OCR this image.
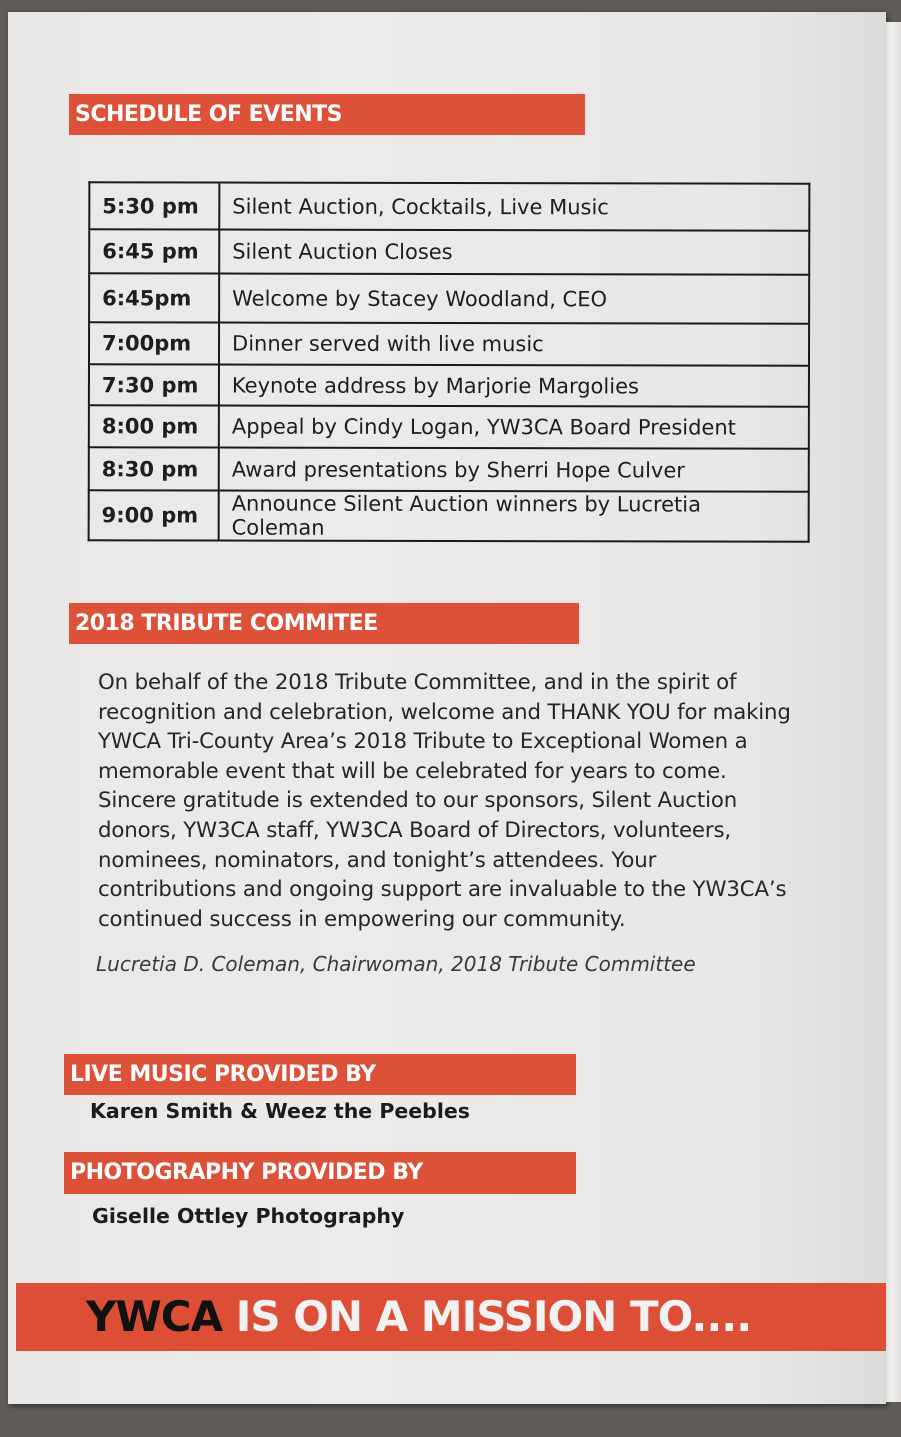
SCHEDULE OF EVENTS
5:30 pm	Silent Auction, Cocktails, Live Music
6:45 pm	Silent Auction Closes
6:45pm	Welcome by Stacey Woodland, CEO
7:00pm	Dinner served with live music
7:30 pm	Keynote address by Marjorie Margolies
8:00 pm	Appeal by Cindy Logan, YW3CA Board President
8:30 pm	Award presentations by Sherri Hope Culver
9:00 pm	Announce Silent Auction winners by Lucretia Coleman
2018 TRIBUTE COMMITEE

On behalf of the 2018 Tribute Committee, and in the spirit of recognition and celebration, welcome and THANK YOU for making YWCA Tri-County Area’s 2018 Tribute to Exceptional Women a memorable event that will be celebrated for years to come. Sincere gratitude is extended to our sponsors, Silent Auction donors, YW3CA staff, YW3CA Board of Directors, volunteers, nominees, nominators, and tonight’s attendees. Your contributions and ongoing support are invaluable to the YW3CA’s continued success in empowering our community.

Lucretia D. Coleman, Chairwoman, 2018 Tribute Committee

LIVE MUSIC PROVIDED BY

Karen Smith & Weez the Peebles

PHOTOGRAPHY PROVIDED BY

Giselle Ottley Photography

YWCA IS ON A MISSION TO....
